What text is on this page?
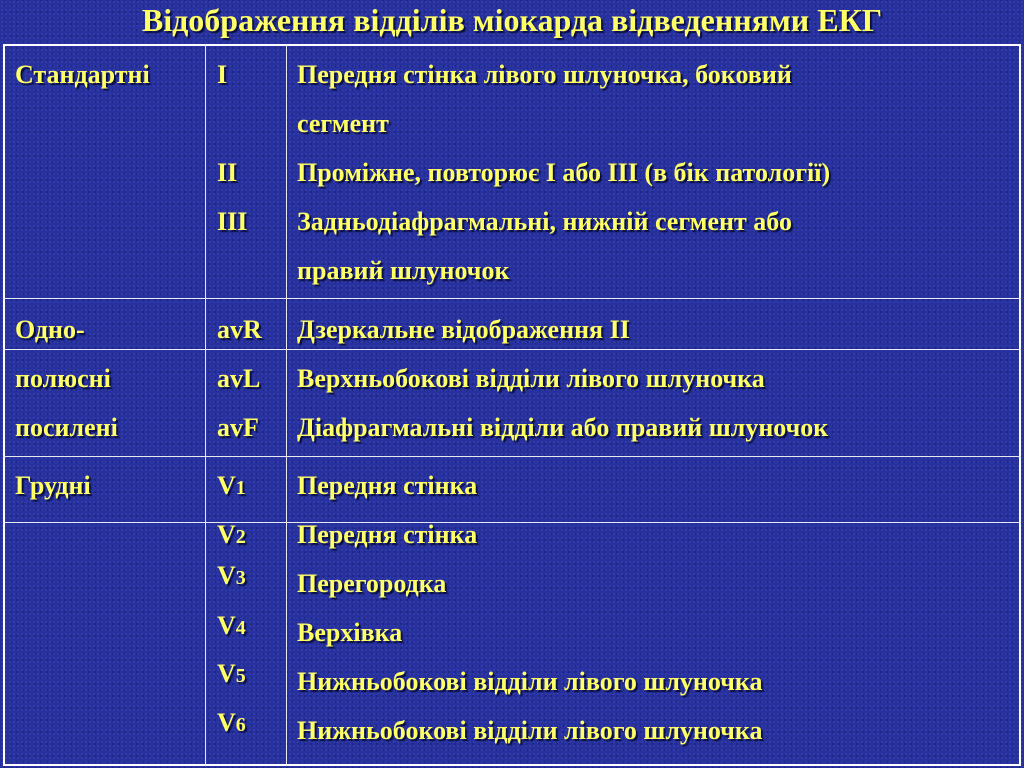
Відображення відділів міокарда відведеннями ЕКГ
Стандартні	I	Передня стінка лівого шлуночка, боковий
сегмент
II Проміжне, повторює I або III (в бік патології)
III Задньодіафрагмальні, нижній сегмент або
правий шлуночок
Одно-
полюсні
посилені
avR Дзеркальне відображення II
avL Верхньобокові відділи лівого шлуночка
avF Діафрагмальні відділи або правий шлуночок
Грудні	V1 Передня стінка
V2 Передня стінка
V3 Перегородка
V4 Верхівка
V5 Нижньобокові відділи лівого шлуночка
V6 Нижньобокові відділи лівого шлуночка
